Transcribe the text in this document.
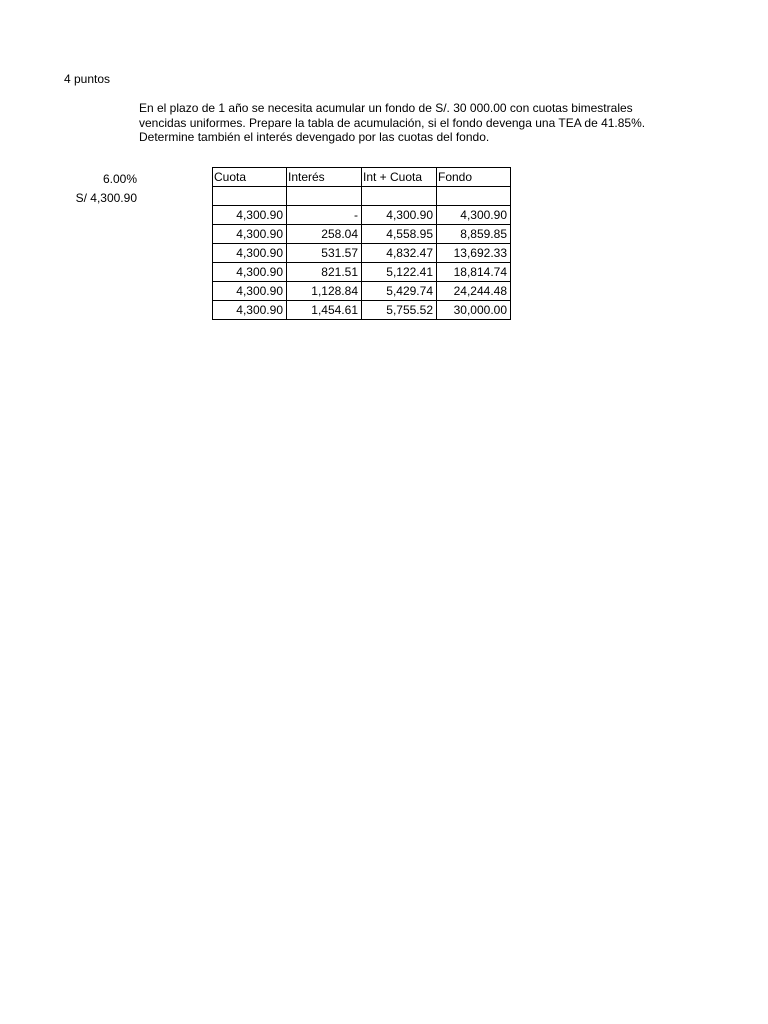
4 puntos
En el plazo de 1 año se necesita acumular un fondo de S/. 30 000.00 con cuotas bimestrales vencidas uniformes. Prepare la tabla de acumulación, si el fondo devenga una TEA de 41.85%. Determine también el interés devengado por las cuotas del fondo.
6.00%
S/ 4,300.90
Cuota	Interés	Int + Cuota	Fondo

4,300.90	-	4,300.90	4,300.90
4,300.90	258.04	4,558.95	8,859.85
4,300.90	531.57	4,832.47	13,692.33
4,300.90	821.51	5,122.41	18,814.74
4,300.90	1,128.84	5,429.74	24,244.48
4,300.90	1,454.61	5,755.52	30,000.00
